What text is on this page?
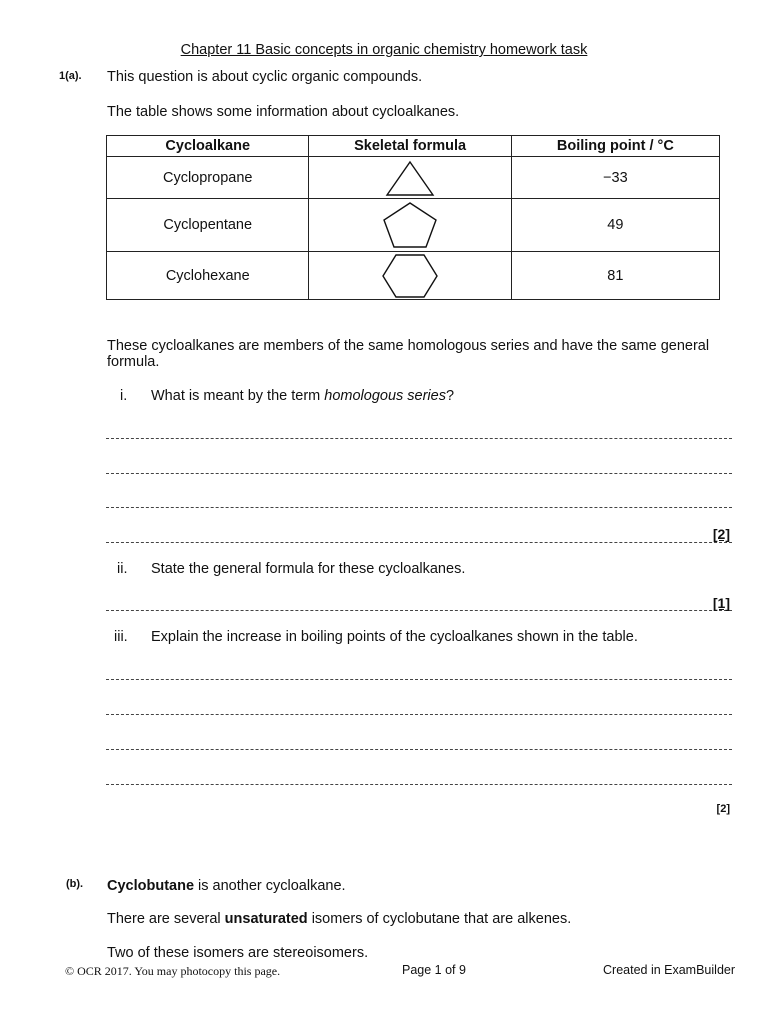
Chapter 11 Basic concepts in organic chemistry homework task
1(a). This question is about cyclic organic compounds.
The table shows some information about cycloalkanes.
Cycloalkane	Skeletal formula	Boiling point / °C
Cyclopropane		−33
Cyclopentane		49
Cyclohexane		81
These cycloalkanes are members of the same homologous series and have the same general formula.
i. What is meant by the term homologous series?
[2]
ii. State the general formula for these cycloalkanes.
[1]
iii. Explain the increase in boiling points of the cycloalkanes shown in the table.
[2]
(b). Cyclobutane is another cycloalkane.
There are several unsaturated isomers of cyclobutane that are alkenes.
Two of these isomers are stereoisomers.
© OCR 2017. You may photocopy this page.	Page 1 of 9	Created in ExamBuilder
